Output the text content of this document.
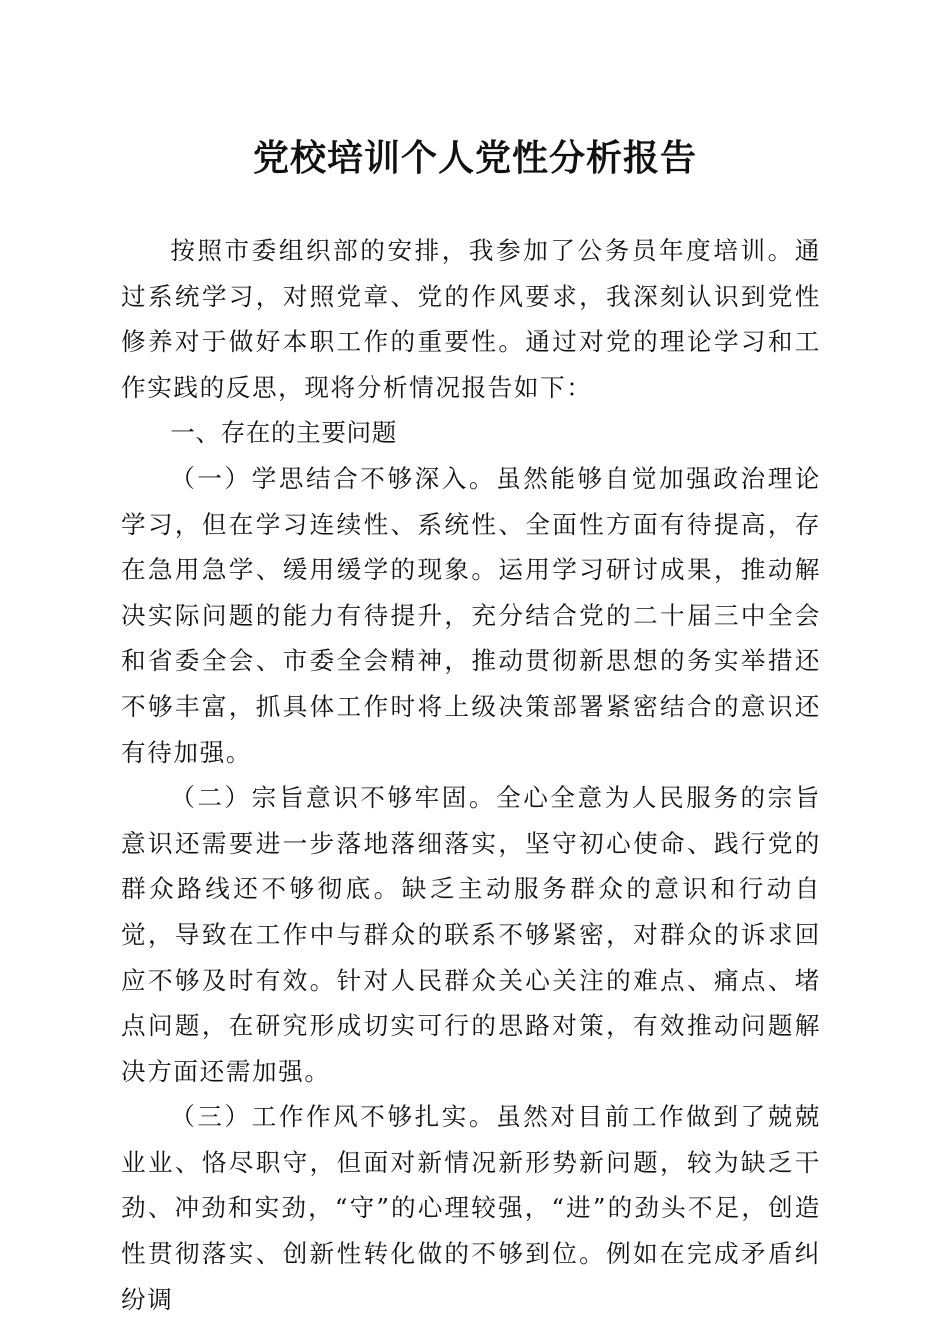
党校培训个人党性分析报告

按照市委组织部的安排，我参加了公务员年度培训。通过系统学习，对照党章、党的作风要求，我深刻认识到党性修养对于做好本职工作的重要性。通过对党的理论学习和工作实践的反思，现将分析情况报告如下：

一、存在的主要问题

（一）学思结合不够深入。虽然能够自觉加强政治理论学习，但在学习连续性、系统性、全面性方面有待提高，存在急用急学、缓用缓学的现象。运用学习研讨成果，推动解决实际问题的能力有待提升，充分结合党的二十届三中全会和省委全会、市委全会精神，推动贯彻新思想的务实举措还不够丰富，抓具体工作时将上级决策部署紧密结合的意识还有待加强。

（二）宗旨意识不够牢固。全心全意为人民服务的宗旨意识还需要进一步落地落细落实，坚守初心使命、践行党的群众路线还不够彻底。缺乏主动服务群众的意识和行动自觉，导致在工作中与群众的联系不够紧密，对群众的诉求回应不够及时有效。针对人民群众关心关注的难点、痛点、堵点问题，在研究形成切实可行的思路对策，有效推动问题解决方面还需加强。

（三）工作作风不够扎实。虽然对目前工作做到了兢兢业业、恪尽职守，但面对新情况新形势新问题，较为缺乏干劲、冲劲和实劲，“守”的心理较强，“进”的劲头不足，创造性贯彻落实、创新性转化做的不够到位。例如在完成矛盾纠纷调
